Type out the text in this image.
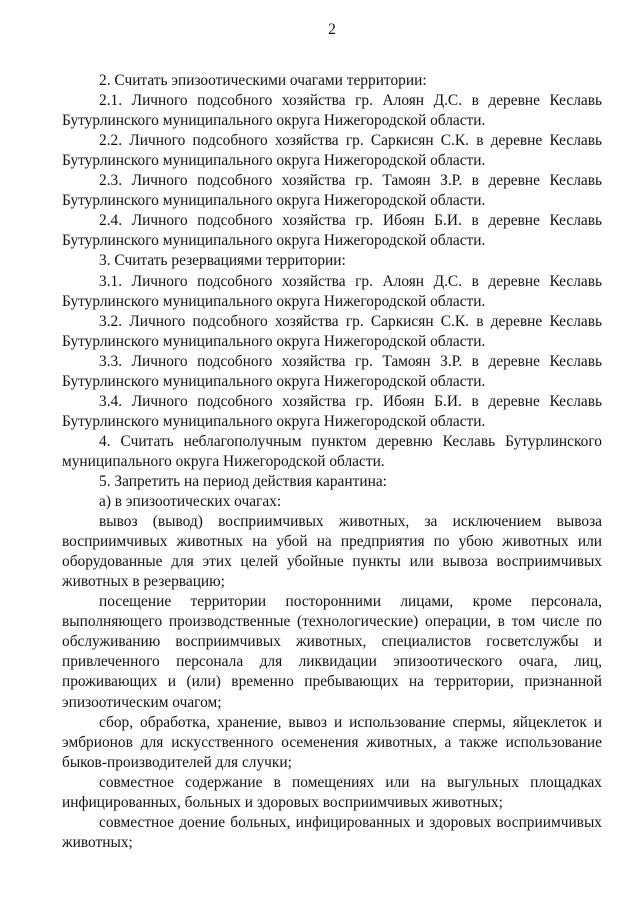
2

2. Считать эпизоотическими очагами территории:

2.1. Личного подсобного хозяйства гр. Алоян Д.С. в деревне Кеславь Бутурлинского муниципального округа Нижегородской области.

2.2. Личного подсобного хозяйства гр. Саркисян С.К. в деревне Кеславь Бутурлинского муниципального округа Нижегородской области.

2.3. Личного подсобного хозяйства гр. Тамоян З.Р. в деревне Кеславь Бутурлинского муниципального округа Нижегородской области.

2.4. Личного подсобного хозяйства гр. Ибоян Б.И. в деревне Кеславь Бутурлинского муниципального округа Нижегородской области.

3. Считать резервациями территории:

3.1. Личного подсобного хозяйства гр. Алоян Д.С. в деревне Кеславь Бутурлинского муниципального округа Нижегородской области.

3.2. Личного подсобного хозяйства гр. Саркисян С.К. в деревне Кеславь Бутурлинского муниципального округа Нижегородской области.

3.3. Личного подсобного хозяйства гр. Тамоян З.Р. в деревне Кеславь Бутурлинского муниципального округа Нижегородской области.

3.4. Личного подсобного хозяйства гр. Ибоян Б.И. в деревне Кеславь Бутурлинского муниципального округа Нижегородской области.

4. Считать неблагополучным пунктом деревню Кеславь Бутурлинского муниципального округа Нижегородской области.

5. Запретить на период действия карантина:

а) в эпизоотических очагах:

вывоз (вывод) восприимчивых животных, за исключением вывоза восприимчивых животных на убой на предприятия по убою животных или оборудованные для этих целей убойные пункты или вывоза восприимчивых животных в резервацию;

посещение территории посторонними лицами, кроме персонала, выполняющего производственные (технологические) операции, в том числе по обслуживанию восприимчивых животных, специалистов госветслужбы и привлеченного персонала для ликвидации эпизоотического очага, лиц, проживающих и (или) временно пребывающих на территории, признанной эпизоотическим очагом;

сбор, обработка, хранение, вывоз и использование спермы, яйцеклеток и эмбрионов для искусственного осеменения животных, а также использование быков-производителей для случки;

совместное содержание в помещениях или на выгульных площадках инфицированных, больных и здоровых восприимчивых животных;

совместное доение больных, инфицированных и здоровых восприимчивых животных;
